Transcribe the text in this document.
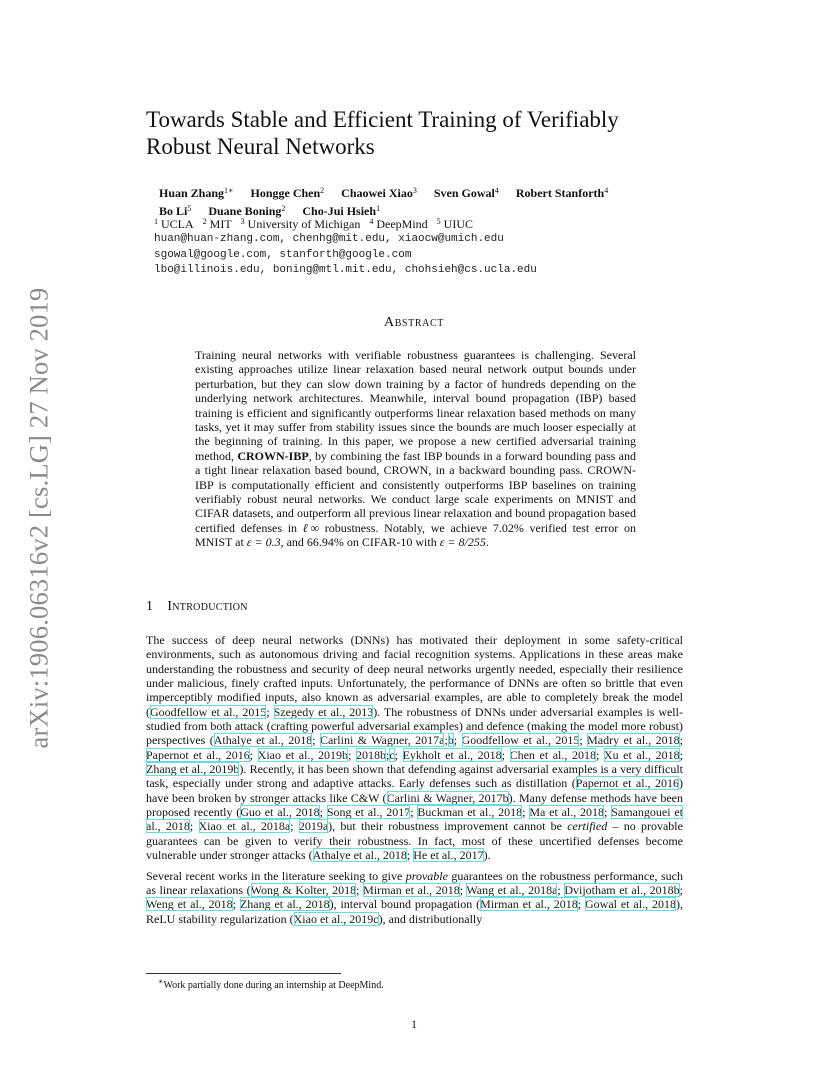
arXiv:1906.06316v2 [cs.LG] 27 Nov 2019
Towards Stable and Efficient Training of Verifiably
Robust Neural Networks
Huan Zhang$^{1∗}$ Hongge Chen$^2$ Chaowei Xiao$^3$ Sven Gowal$^4$ Robert Stanforth$^4$
Bo Li$^5$ Duane Boning$^2$ Cho-Jui Hsieh$^1$
$^1$ UCLA $^2$ MIT $^3$ University of Michigan $^4$ DeepMind $^5$ UIUC
huan@huan-zhang.com, chenhg@mit.edu, xiaocw@umich.edu
sgowal@google.com, stanforth@google.com
lbo@illinois.edu, boning@mtl.mit.edu, chohsieh@cs.ucla.edu
Abstract
Training neural networks with verifiable robustness guarantees is challenging. Several existing approaches utilize linear relaxation based neural network output bounds under perturbation, but they can slow down training by a factor of hundreds depending on the underlying network architectures. Meanwhile, interval bound propagation (IBP) based training is efficient and significantly outperforms linear relaxation based methods on many tasks, yet it may suffer from stability issues since the bounds are much looser especially at the beginning of training. In this paper, we propose a new certified adversarial training method, CROWN-IBP, by combining the fast IBP bounds in a forward bounding pass and a tight linear relaxation based bound, CROWN, in a backward bounding pass. CROWN-IBP is computationally efficient and consistently outperforms IBP baselines on training verifiably robust neural networks. We conduct large scale experiments on MNIST and CIFAR datasets, and outperform all previous linear relaxation and bound propagation based certified defenses in ℓ∞ robustness. Notably, we achieve 7.02% verified test error on MNIST at ε = 0.3, and 66.94% on CIFAR-10 with ε = 8/255.
1 Introduction

The success of deep neural networks (DNNs) has motivated their deployment in some safety-critical environments, such as autonomous driving and facial recognition systems. Applications in these areas make understanding the robustness and security of deep neural networks urgently needed, especially their resilience under malicious, finely crafted inputs. Unfortunately, the performance of DNNs are often so brittle that even imperceptibly modified inputs, also known as adversarial examples, are able to completely break the model (Goodfellow et al., 2015; Szegedy et al., 2013). The robustness of DNNs under adversarial examples is well-studied from both attack (crafting powerful adversarial examples) and defence (making the model more robust) perspectives (Athalye et al., 2018; Carlini & Wagner, 2017a;b; Goodfellow et al., 2015; Madry et al., 2018; Papernot et al., 2016; Xiao et al., 2019b; 2018b;c; Eykholt et al., 2018; Chen et al., 2018; Xu et al., 2018; Zhang et al., 2019b). Recently, it has been shown that defending against adversarial examples is a very difficult task, especially under strong and adaptive attacks. Early defenses such as distillation (Papernot et al., 2016) have been broken by stronger attacks like C&W (Carlini & Wagner, 2017b). Many defense methods have been proposed recently (Guo et al., 2018; Song et al., 2017; Buckman et al., 2018; Ma et al., 2018; Samangouei et al., 2018; Xiao et al., 2018a; 2019a), but their robustness improvement cannot be certified – no provable guarantees can be given to verify their robustness. In fact, most of these uncertified defenses become vulnerable under stronger attacks (Athalye et al., 2018; He et al., 2017).

Several recent works in the literature seeking to give provable guarantees on the robustness performance, such as linear relaxations (Wong & Kolter, 2018; Mirman et al., 2018; Wang et al., 2018a; Dvijotham et al., 2018b; Weng et al., 2018; Zhang et al., 2018), interval bound propagation (Mirman et al., 2018; Gowal et al., 2018), ReLU stability regularization (Xiao et al., 2019c), and distributionally

∗Work partially done during an internship at DeepMind.
1
